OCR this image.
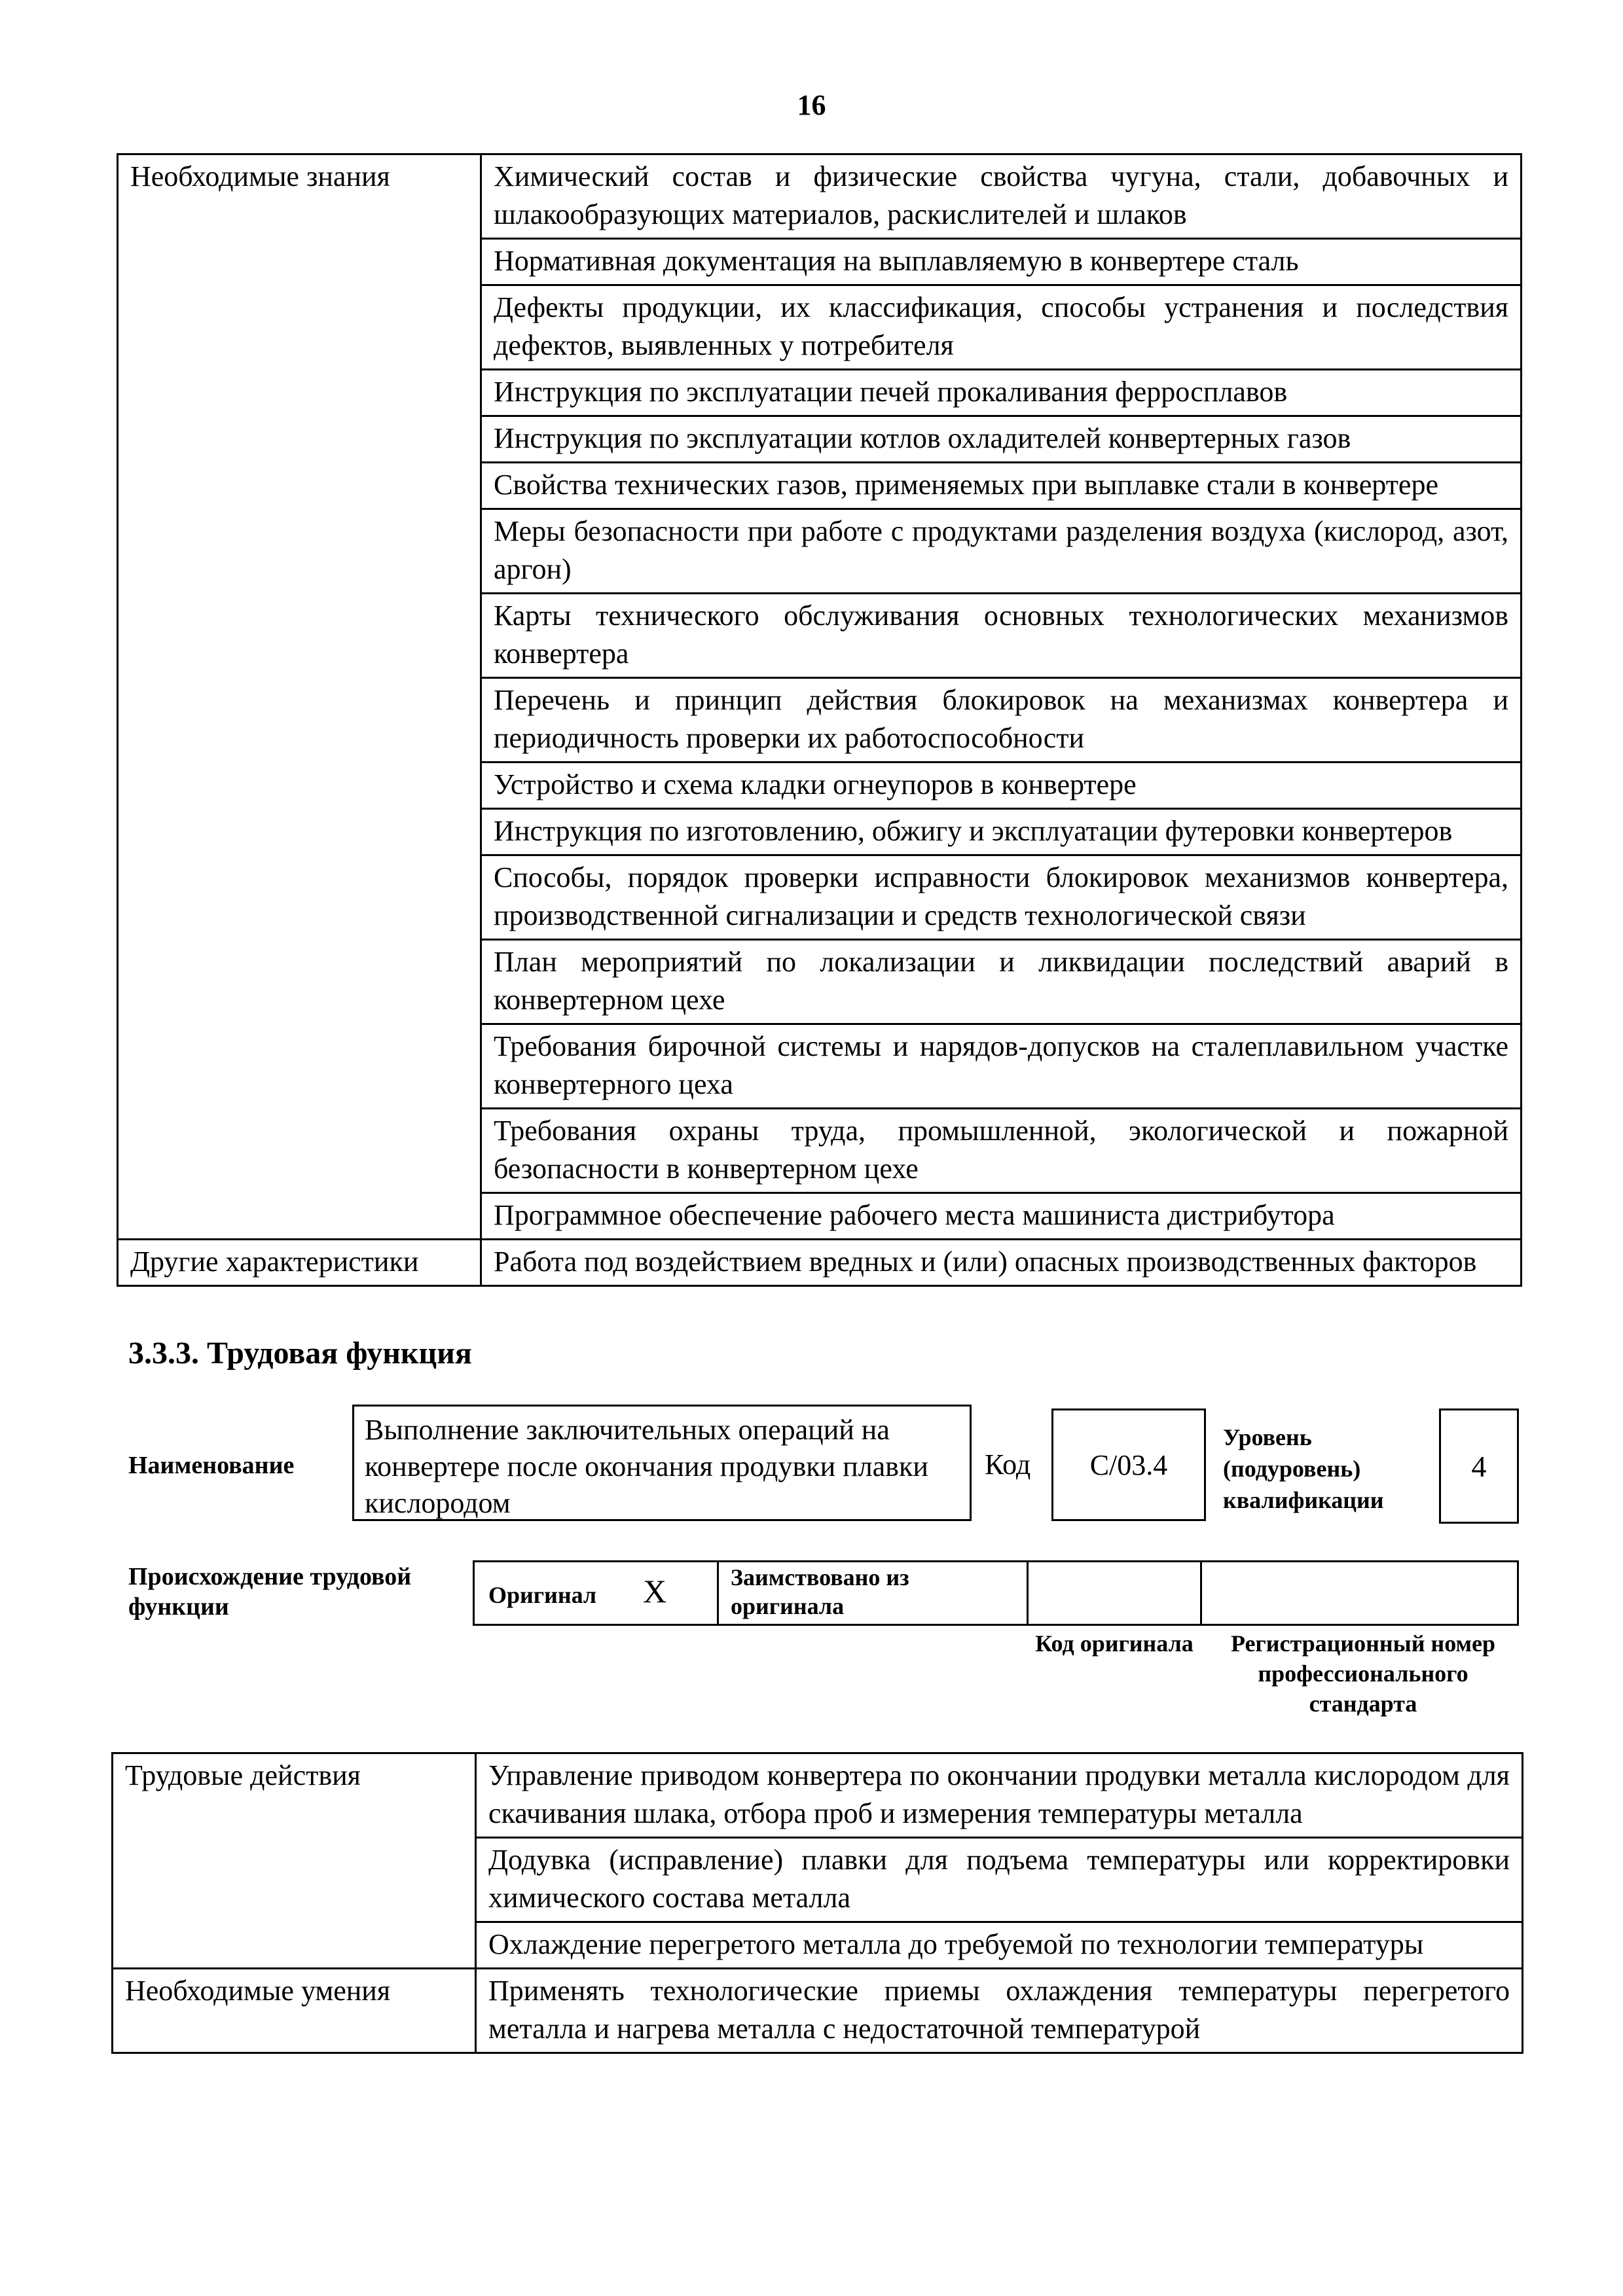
16
Необходимые знания	Химический состав и физические свойства чугуна, стали, добавочных и шлакообразующих материалов, раскислителей и шлаков
	Нормативная документация на выплавляемую в конвертере сталь
	Дефекты продукции, их классификация, способы устранения и последствия дефектов, выявленных у потребителя
	Инструкция по эксплуатации печей прокаливания ферросплавов
	Инструкция по эксплуатации котлов охладителей конвертерных газов
	Свойства технических газов, применяемых при выплавке стали в конвертере
	Меры безопасности при работе с продуктами разделения воздуха (кислород, азот, аргон)
	Карты технического обслуживания основных технологических механизмов конвертера
	Перечень и принцип действия блокировок на механизмах конвертера и периодичность проверки их работоспособности
	Устройство и схема кладки огнеупоров в конвертере
	Инструкция по изготовлению, обжигу и эксплуатации футеровки конвертеров
	Способы, порядок проверки исправности блокировок механизмов конвертера, производственной сигнализации и средств технологической связи
	План мероприятий по локализации и ликвидации последствий аварий в конвертерном цехе
	Требования бирочной системы и нарядов-допусков на сталеплавильном участке конвертерного цеха
	Требования охраны труда, промышленной, экологической и пожарной безопасности в конвертерном цехе
	Программное обеспечение рабочего места машиниста дистрибутора
Другие характеристики	Работа под воздействием вредных и (или) опасных производственных факторов
3.3.3. Трудовая функция
Наименование
Выполнение заключительных операций на конвертере после окончания продувки плавки кислородом
Код С/03.4
Уровень (подуровень) квалификации
4
Происхождение трудовой функции	Оригинал X	Заимствовано из оригинала
Код оригинала	Регистрационный номер профессионального стандарта
Трудовые действия	Управление приводом конвертера по окончании продувки металла кислородом для скачивания шлака, отбора проб и измерения температуры металла
	Додувка (исправление) плавки для подъема температуры или корректировки химического состава металла
	Охлаждение перегретого металла до требуемой по технологии температуры
Необходимые умения	Применять технологические приемы охлаждения температуры перегретого металла и нагрева металла с недостаточной температурой
